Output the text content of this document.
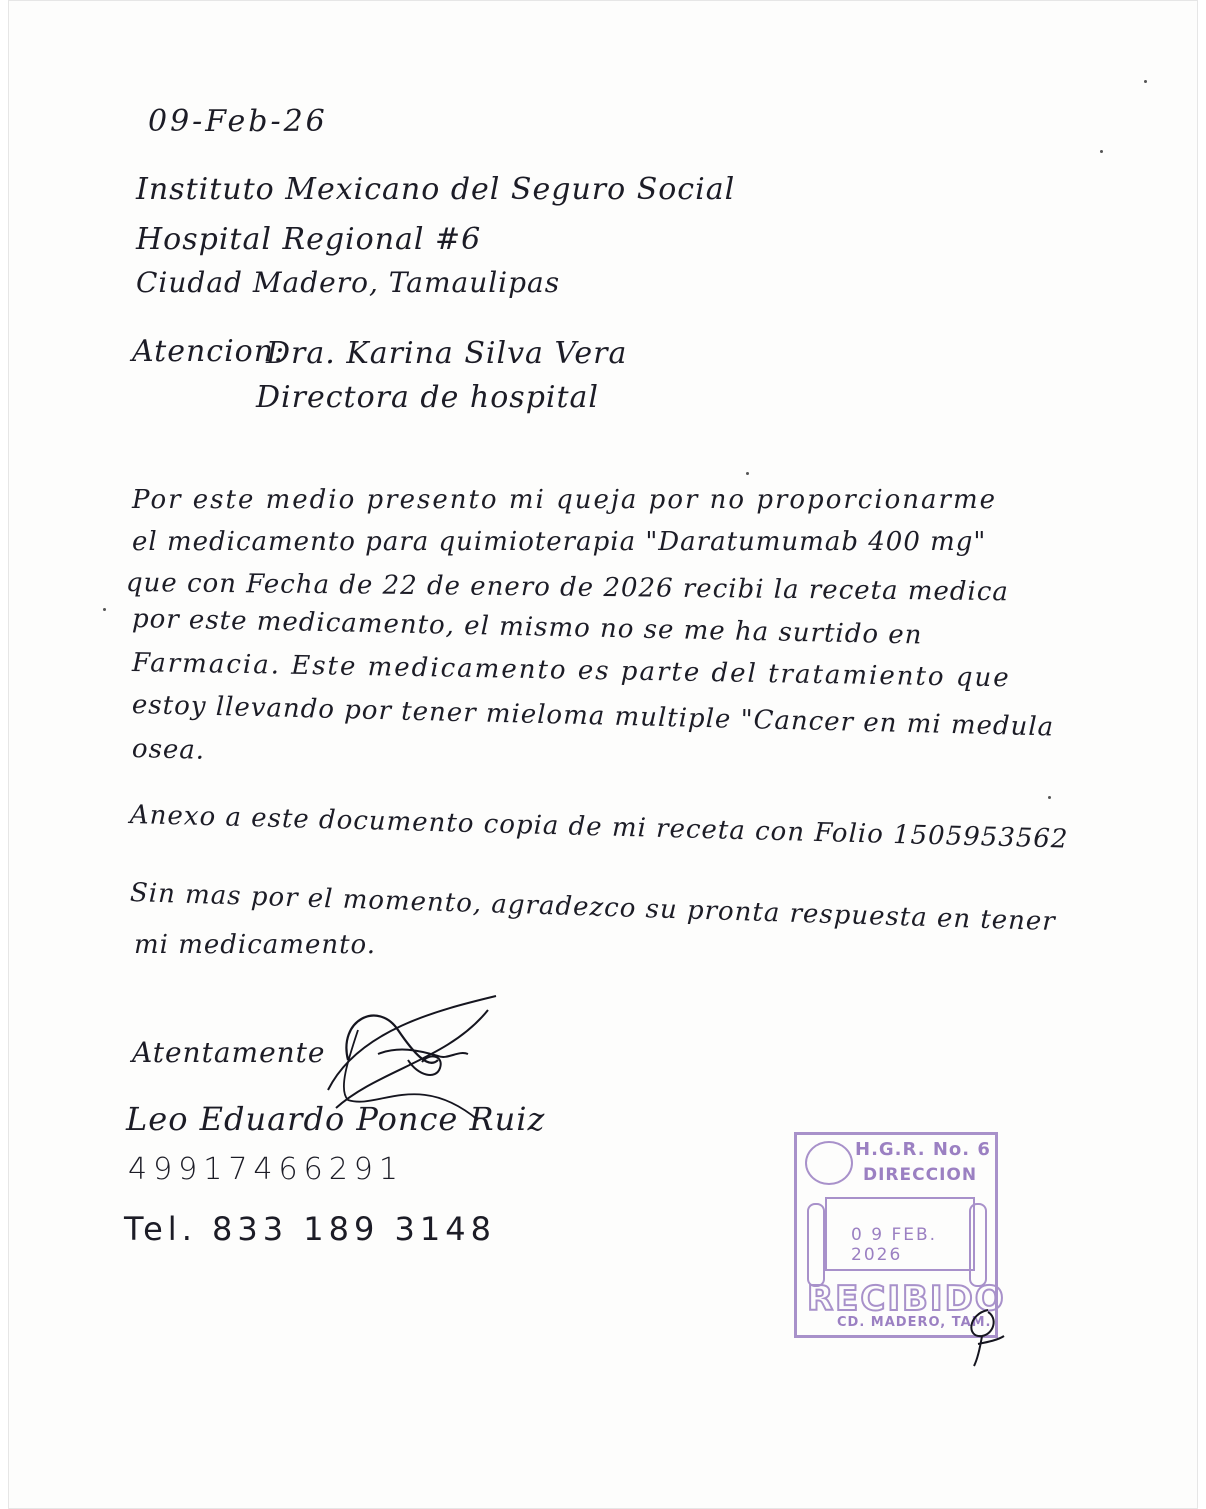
09-Feb-26
Instituto Mexicano del Seguro Social
Hospital Regional #6
Ciudad Madero, Tamaulipas
Atencion:
Dra. Karina Silva Vera
Directora de hospital
Por este medio presento mi queja por no proporcionarme
el medicamento para quimioterapia "Daratumumab 400 mg"
que con Fecha de 22 de enero de 2026 recibi la receta medica
por este medicamento, el mismo no se me ha surtido en
Farmacia. Este medicamento es parte del tratamiento que
estoy llevando por tener mieloma multiple "Cancer en mi medula
osea.
Anexo a este documento copia de mi receta con Folio 1505953562
Sin mas por el momento, agradezco su pronta respuesta en tener
mi medicamento.
Atentamente
Leo Eduardo Ponce Ruiz
49917466291
Tel. 833 189 3148
H.G.R. No. 6
DIRECCION
0 9 FEB. 2026
RECIBIDO
CD. MADERO, TAM.
